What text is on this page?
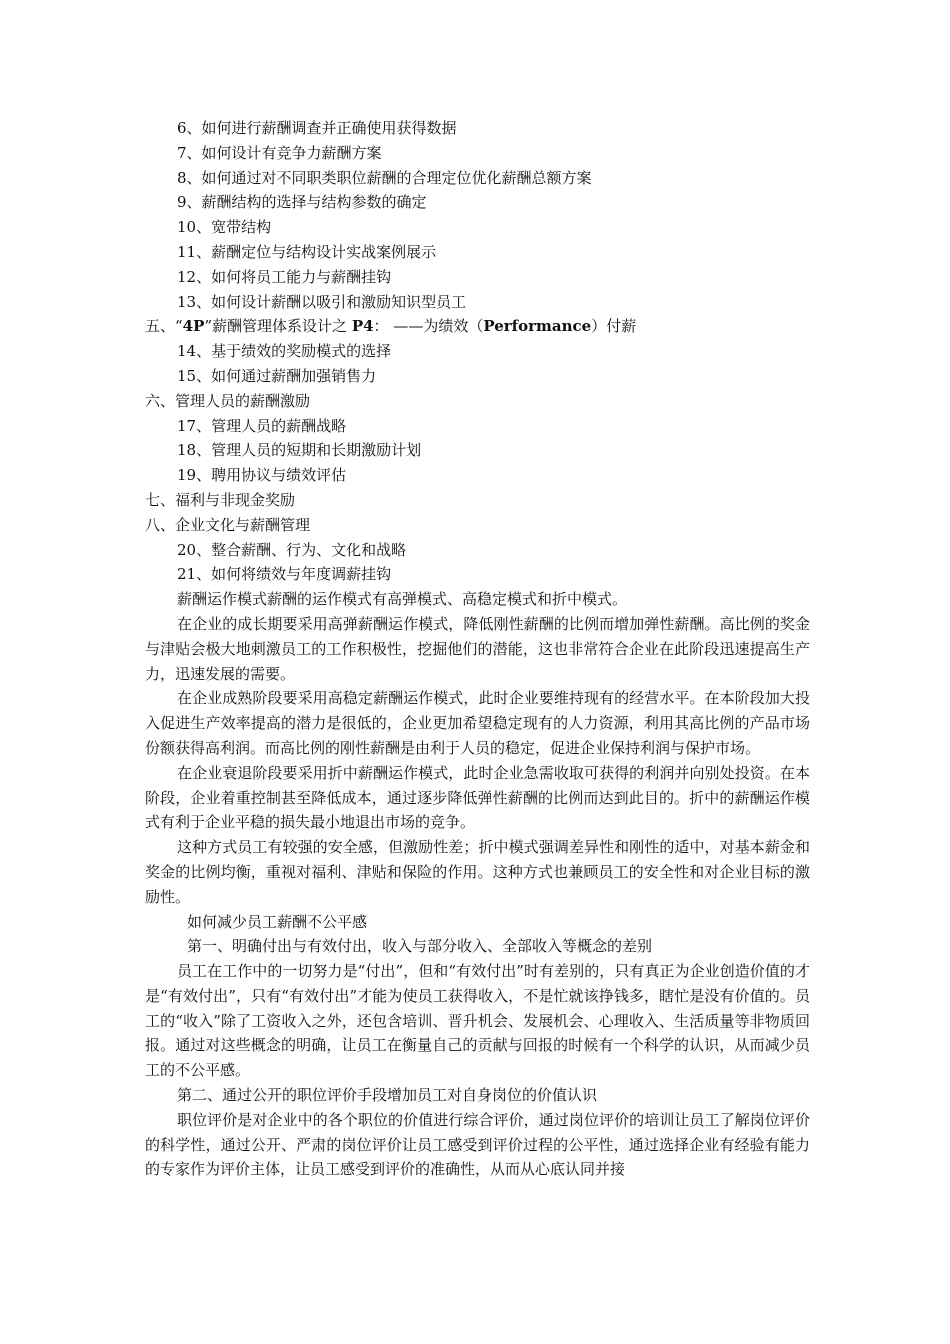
6、如何进行薪酬调查并正确使用获得数据
7、如何设计有竞争力薪酬方案
8、如何通过对不同职类职位薪酬的合理定位优化薪酬总额方案
9、薪酬结构的选择与结构参数的确定
10、宽带结构
11、薪酬定位与结构设计实战案例展示
12、如何将员工能力与薪酬挂钩
13、如何设计薪酬以吸引和激励知识型员工
五、“4P”薪酬管理体系设计之 P4： ——为绩效（Performance）付薪
14、基于绩效的奖励模式的选择
15、如何通过薪酬加强销售力
六、管理人员的薪酬激励
17、管理人员的薪酬战略
18、管理人员的短期和长期激励计划
19、聘用协议与绩效评估
七、福利与非现金奖励
八、企业文化与薪酬管理
20、整合薪酬、行为、文化和战略
21、如何将绩效与年度调薪挂钩
薪酬运作模式薪酬的运作模式有高弹模式、高稳定模式和折中模式。
在企业的成长期要采用高弹薪酬运作模式，降低刚性薪酬的比例而增加弹性薪酬。高比例的奖金与津贴会极大地刺激员工的工作积极性，挖掘他们的潜能，这也非常符合企业在此阶段迅速提高生产力，迅速发展的需要。
在企业成熟阶段要采用高稳定薪酬运作模式，此时企业要维持现有的经营水平。在本阶段加大投入促进生产效率提高的潜力是很低的，企业更加希望稳定现有的人力资源，利用其高比例的产品市场份额获得高利润。而高比例的刚性薪酬是由利于人员的稳定，促进企业保持利润与保护市场。
在企业衰退阶段要采用折中薪酬运作模式，此时企业急需收取可获得的利润并向别处投资。在本阶段，企业着重控制甚至降低成本，通过逐步降低弹性薪酬的比例而达到此目的。折中的薪酬运作模式有利于企业平稳的损失最小地退出市场的竞争。
这种方式员工有较强的安全感，但激励性差；折中模式强调差异性和刚性的适中，对基本薪金和奖金的比例均衡，重视对福利、津贴和保险的作用。这种方式也兼顾员工的安全性和对企业目标的激励性。
如何减少员工薪酬不公平感
第一、明确付出与有效付出，收入与部分收入、全部收入等概念的差别
员工在工作中的一切努力是“付出”，但和“有效付出”时有差别的，只有真正为企业创造价值的才是“有效付出”，只有“有效付出”才能为使员工获得收入，不是忙就该挣钱多，瞎忙是没有价值的。员工的“收入”除了工资收入之外，还包含培训、晋升机会、发展机会、心理收入、生活质量等非物质回报。通过对这些概念的明确，让员工在衡量自己的贡献与回报的时候有一个科学的认识，从而减少员工的不公平感。
第二、通过公开的职位评价手段增加员工对自身岗位的价值认识
职位评价是对企业中的各个职位的价值进行综合评价，通过岗位评价的培训让员工了解岗位评价的科学性，通过公开、严肃的岗位评价让员工感受到评价过程的公平性，通过选择企业有经验有能力的专家作为评价主体，让员工感受到评价的准确性，从而从心底认同并接
